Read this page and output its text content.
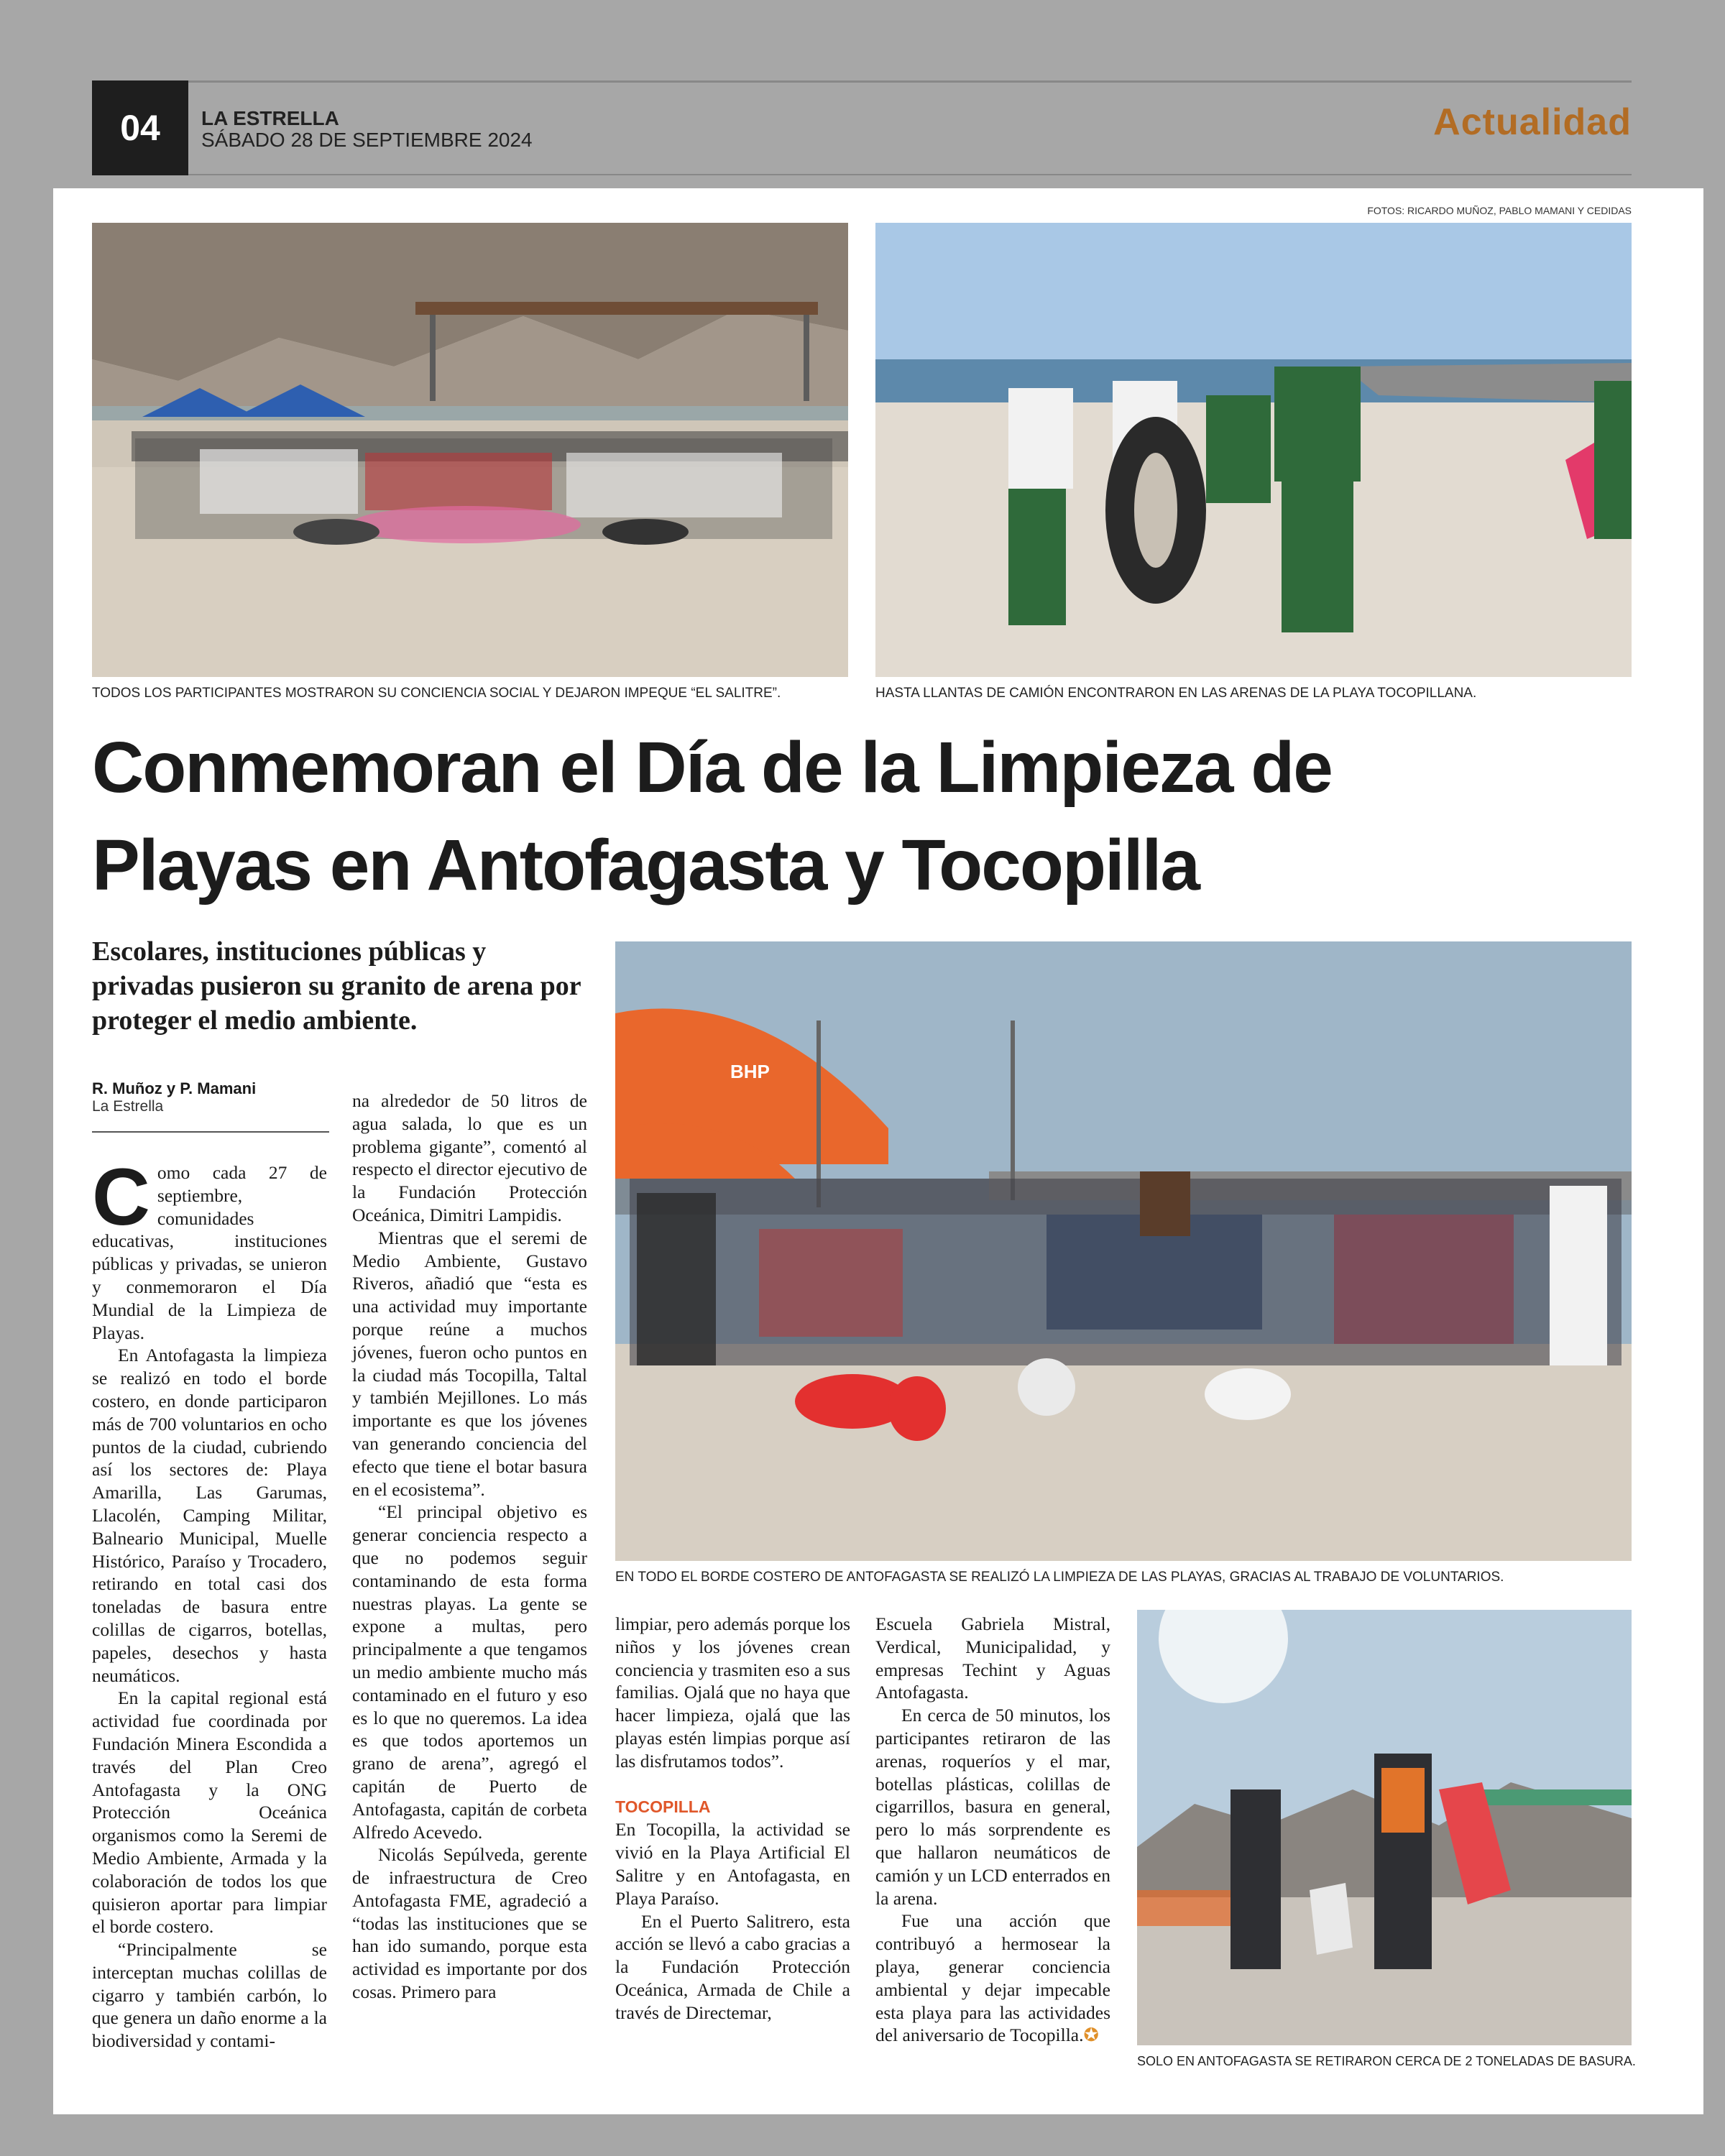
04	LA ESTRELLA
SÁBADO 28 DE SEPTIEMBRE 2024	Actualidad
FOTOS: RICARDO MUÑOZ, PABLO MAMANI Y CEDIDAS
TODOS LOS PARTICIPANTES MOSTRARON SU CONCIENCIA SOCIAL Y DEJARON IMPEQUE “EL SALITRE”.	HASTA LLANTAS DE CAMIÓN ENCONTRARON EN LAS ARENAS DE LA PLAYA TOCOPILLANA.
Conmemoran el Día de la Limpieza de
Playas en Antofagasta y Tocopilla
Escolares, instituciones públicas y privadas pusieron su granito de arena por proteger el medio ambiente.
R. Muñoz y P. Mamani
La Estrella
BHP
EN TODO EL BORDE COSTERO DE ANTOFAGASTA SE REALIZÓ LA LIMPIEZA DE LAS PLAYAS, GRACIAS AL TRABAJO DE VOLUNTARIOS.
SOLO EN ANTOFAGASTA SE RETIRARON CERCA DE 2 TONELADAS DE BASURA.

Como cada 27 de septiembre, comunidades educativas, instituciones públicas y privadas, se unieron y conmemoraron el Día Mundial de la Limpieza de Playas.

En Antofagasta la limpieza se realizó en todo el borde costero, en donde participaron más de 700 voluntarios en ocho puntos de la ciudad, cubriendo así los sectores de: Playa Amarilla, Las Garumas, Llacolén, Camping Militar, Balneario Municipal, Muelle Histórico, Paraíso y Trocadero, retirando en total casi dos toneladas de basura entre colillas de cigarros, botellas, papeles, desechos y hasta neumáticos.

En la capital regional está actividad fue coordinada por Fundación Minera Escondida a través del Plan Creo Antofagasta y la ONG Protección Oceánica organismos como la Seremi de Medio Ambiente, Armada y la colaboración de todos los que quisieron aportar para limpiar el borde costero.

“Principalmente se interceptan muchas colillas de cigarro y también carbón, lo que genera un daño enorme a la biodiversidad y contami-

na alrededor de 50 litros de agua salada, lo que es un problema gigante”, comentó al respecto el director ejecutivo de la Fundación Protección Oceánica, Dimitri Lampidis.

Mientras que el seremi de Medio Ambiente, Gustavo Riveros, añadió que “esta es una actividad muy importante porque reúne a muchos jóvenes, fueron ocho puntos en la ciudad más Tocopilla, Taltal y también Mejillones. Lo más importante es que los jóvenes van generando conciencia del efecto que tiene el botar basura en el ecosistema”.

“El principal objetivo es generar conciencia respecto a que no podemos seguir contaminando de esta forma nuestras playas. La gente se expone a multas, pero principalmente a que tengamos un medio ambiente mucho más contaminado en el futuro y eso es lo que no queremos. La idea es que todos aportemos un grano de arena”, agregó el capitán de Puerto de Antofagasta, capitán de corbeta Alfredo Acevedo.

Nicolás Sepúlveda, gerente de infraestructura de Creo Antofagasta FME, agradeció a “todas las instituciones que se han ido sumando, porque esta actividad es importante por dos cosas. Primero para

limpiar, pero además porque los niños y los jóvenes crean conciencia y trasmiten eso a sus familias. Ojalá que no haya que hacer limpieza, ojalá que las playas estén limpias porque así las disfrutamos todos”.

TOCOPILLA

En Tocopilla, la actividad se vivió en la Playa Artificial El Salitre y en Antofagasta, en Playa Paraíso.

En el Puerto Salitrero, esta acción se llevó a cabo gracias a la Fundación Protección Oceánica, Armada de Chile a través de Directemar,

Escuela Gabriela Mistral, Verdical, Municipalidad, y empresas Techint y Aguas Antofagasta.

En cerca de 50 minutos, los participantes retiraron de las arenas, roqueríos y el mar, botellas plásticas, colillas de cigarrillos, basura en general, pero lo más sorprendente es que hallaron neumáticos de camión y un LCD enterrados en la arena.

Fue una acción que contribuyó a hermosear la playa, generar conciencia ambiental y dejar impecable esta playa para las actividades del aniversario de Tocopilla.✪
